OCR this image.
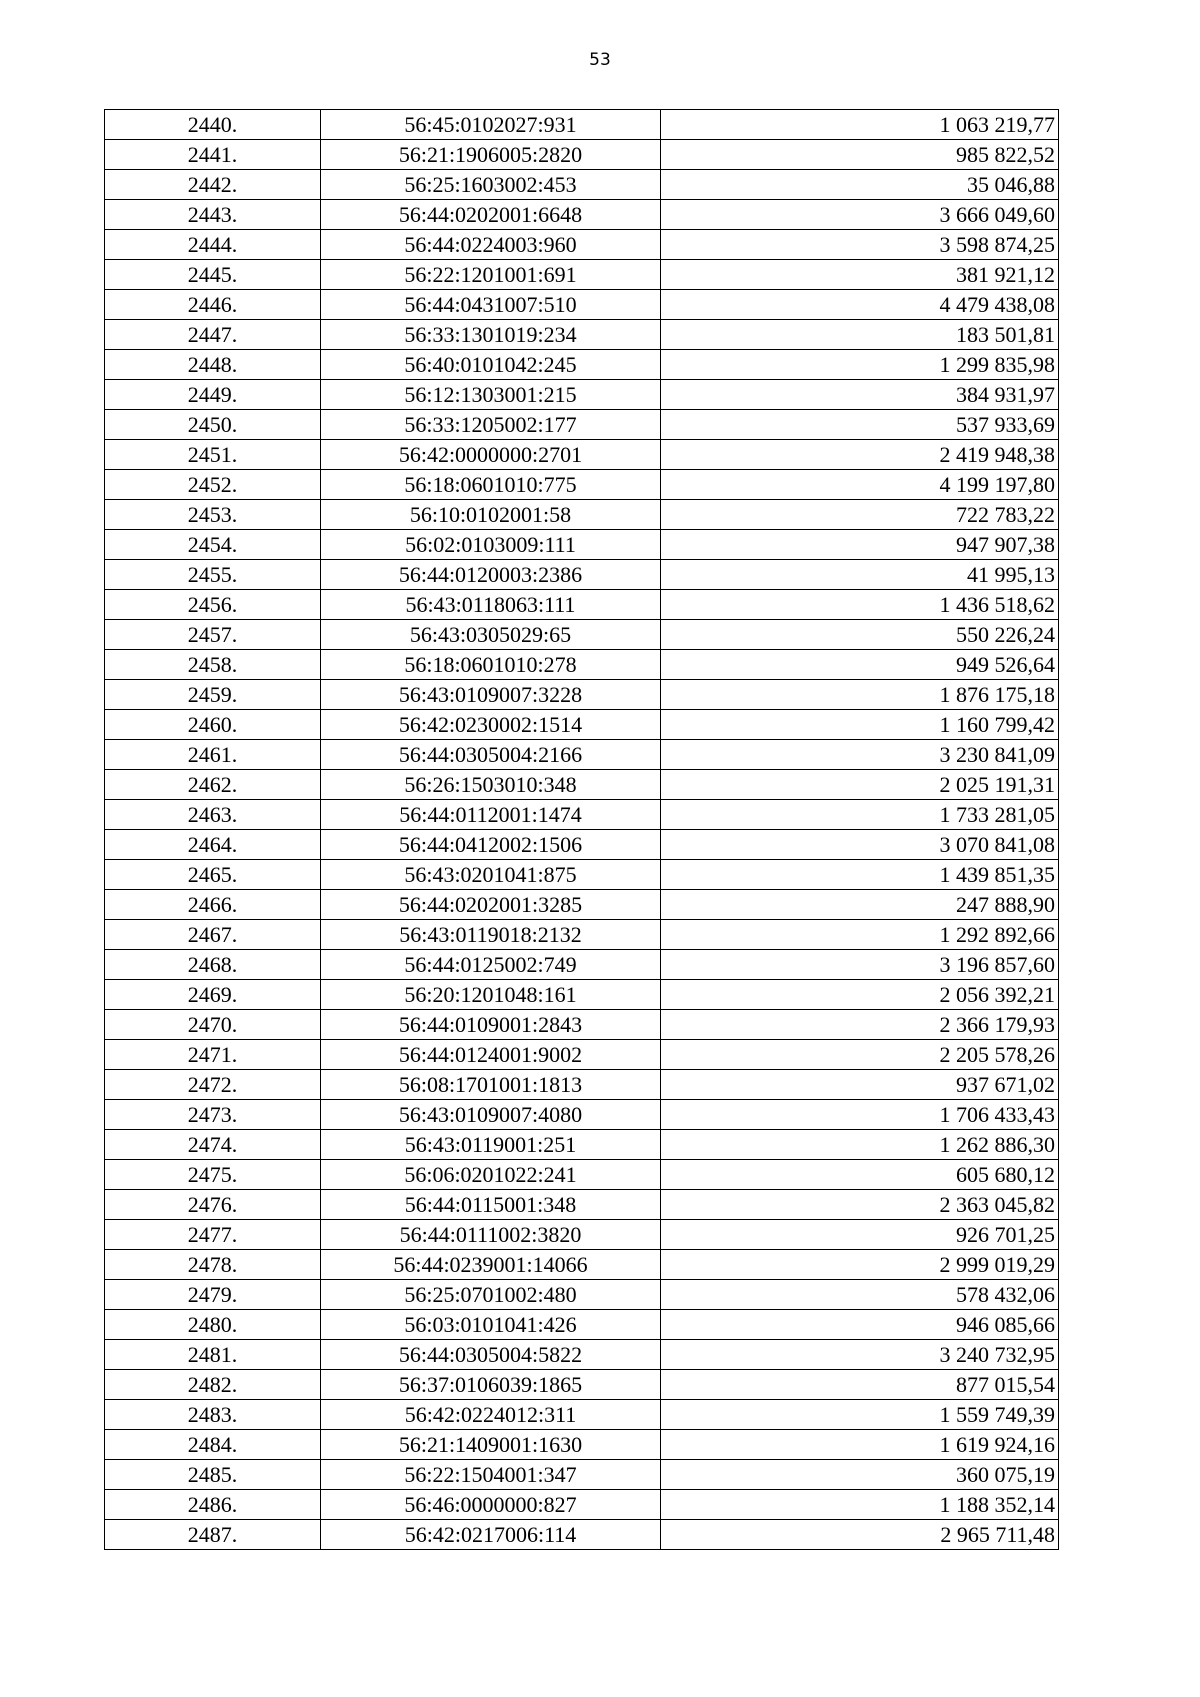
53
2440.	56:45:0102027:931	1 063 219,77
2441.	56:21:1906005:2820	985 822,52
2442.	56:25:1603002:453	35 046,88
2443.	56:44:0202001:6648	3 666 049,60
2444.	56:44:0224003:960	3 598 874,25
2445.	56:22:1201001:691	381 921,12
2446.	56:44:0431007:510	4 479 438,08
2447.	56:33:1301019:234	183 501,81
2448.	56:40:0101042:245	1 299 835,98
2449.	56:12:1303001:215	384 931,97
2450.	56:33:1205002:177	537 933,69
2451.	56:42:0000000:2701	2 419 948,38
2452.	56:18:0601010:775	4 199 197,80
2453.	56:10:0102001:58	722 783,22
2454.	56:02:0103009:111	947 907,38
2455.	56:44:0120003:2386	41 995,13
2456.	56:43:0118063:111	1 436 518,62
2457.	56:43:0305029:65	550 226,24
2458.	56:18:0601010:278	949 526,64
2459.	56:43:0109007:3228	1 876 175,18
2460.	56:42:0230002:1514	1 160 799,42
2461.	56:44:0305004:2166	3 230 841,09
2462.	56:26:1503010:348	2 025 191,31
2463.	56:44:0112001:1474	1 733 281,05
2464.	56:44:0412002:1506	3 070 841,08
2465.	56:43:0201041:875	1 439 851,35
2466.	56:44:0202001:3285	247 888,90
2467.	56:43:0119018:2132	1 292 892,66
2468.	56:44:0125002:749	3 196 857,60
2469.	56:20:1201048:161	2 056 392,21
2470.	56:44:0109001:2843	2 366 179,93
2471.	56:44:0124001:9002	2 205 578,26
2472.	56:08:1701001:1813	937 671,02
2473.	56:43:0109007:4080	1 706 433,43
2474.	56:43:0119001:251	1 262 886,30
2475.	56:06:0201022:241	605 680,12
2476.	56:44:0115001:348	2 363 045,82
2477.	56:44:0111002:3820	926 701,25
2478.	56:44:0239001:14066	2 999 019,29
2479.	56:25:0701002:480	578 432,06
2480.	56:03:0101041:426	946 085,66
2481.	56:44:0305004:5822	3 240 732,95
2482.	56:37:0106039:1865	877 015,54
2483.	56:42:0224012:311	1 559 749,39
2484.	56:21:1409001:1630	1 619 924,16
2485.	56:22:1504001:347	360 075,19
2486.	56:46:0000000:827	1 188 352,14
2487.	56:42:0217006:114	2 965 711,48
